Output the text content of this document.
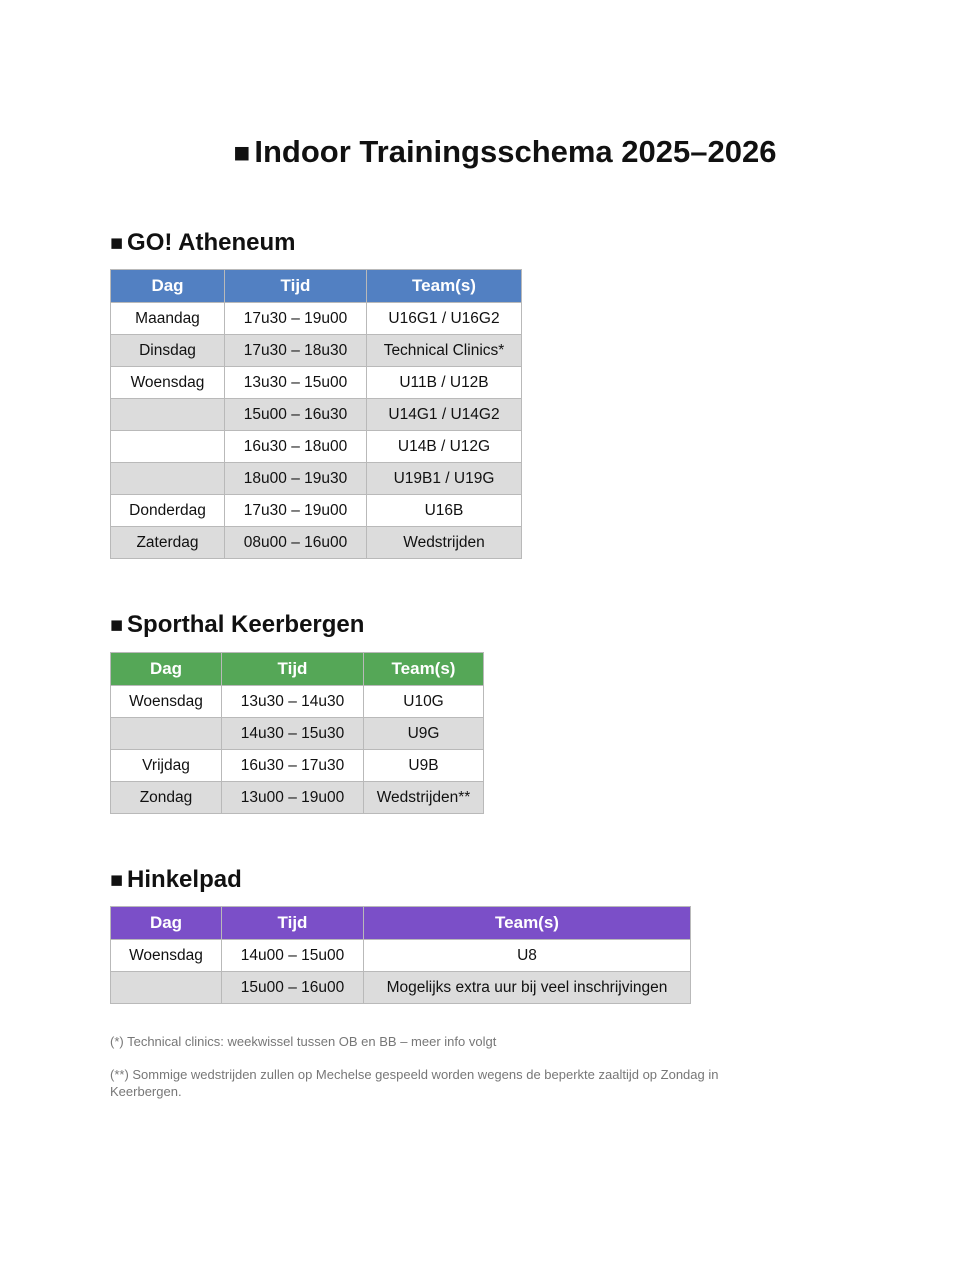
■ Indoor Trainingsschema 2025–2026
■ GO! Atheneum
Dag	Tijd	Team(s)
Maandag	17u30 – 19u00	U16G1 / U16G2
Dinsdag	17u30 – 18u30	Technical Clinics*
Woensdag	13u30 – 15u00	U11B / U12B
	15u00 – 16u30	U14G1 / U14G2
	16u30 – 18u00	U14B / U12G
	18u00 – 19u30	U19B1 / U19G
Donderdag	17u30 – 19u00	U16B
Zaterdag	08u00 – 16u00	Wedstrijden
■ Sporthal Keerbergen
Dag	Tijd	Team(s)
Woensdag	13u30 – 14u30	U10G
	14u30 – 15u30	U9G
Vrijdag	16u30 – 17u30	U9B
Zondag	13u00 – 19u00	Wedstrijden**
■ Hinkelpad
Dag	Tijd	Team(s)
Woensdag	14u00 – 15u00	U8
	15u00 – 16u00	Mogelijks extra uur bij veel inschrijvingen
(*) Technical clinics: weekwissel tussen OB en BB – meer info volgt
(**) Sommige wedstrijden zullen op Mechelse gespeeld worden wegens de beperkte zaaltijd op Zondag in Keerbergen.
